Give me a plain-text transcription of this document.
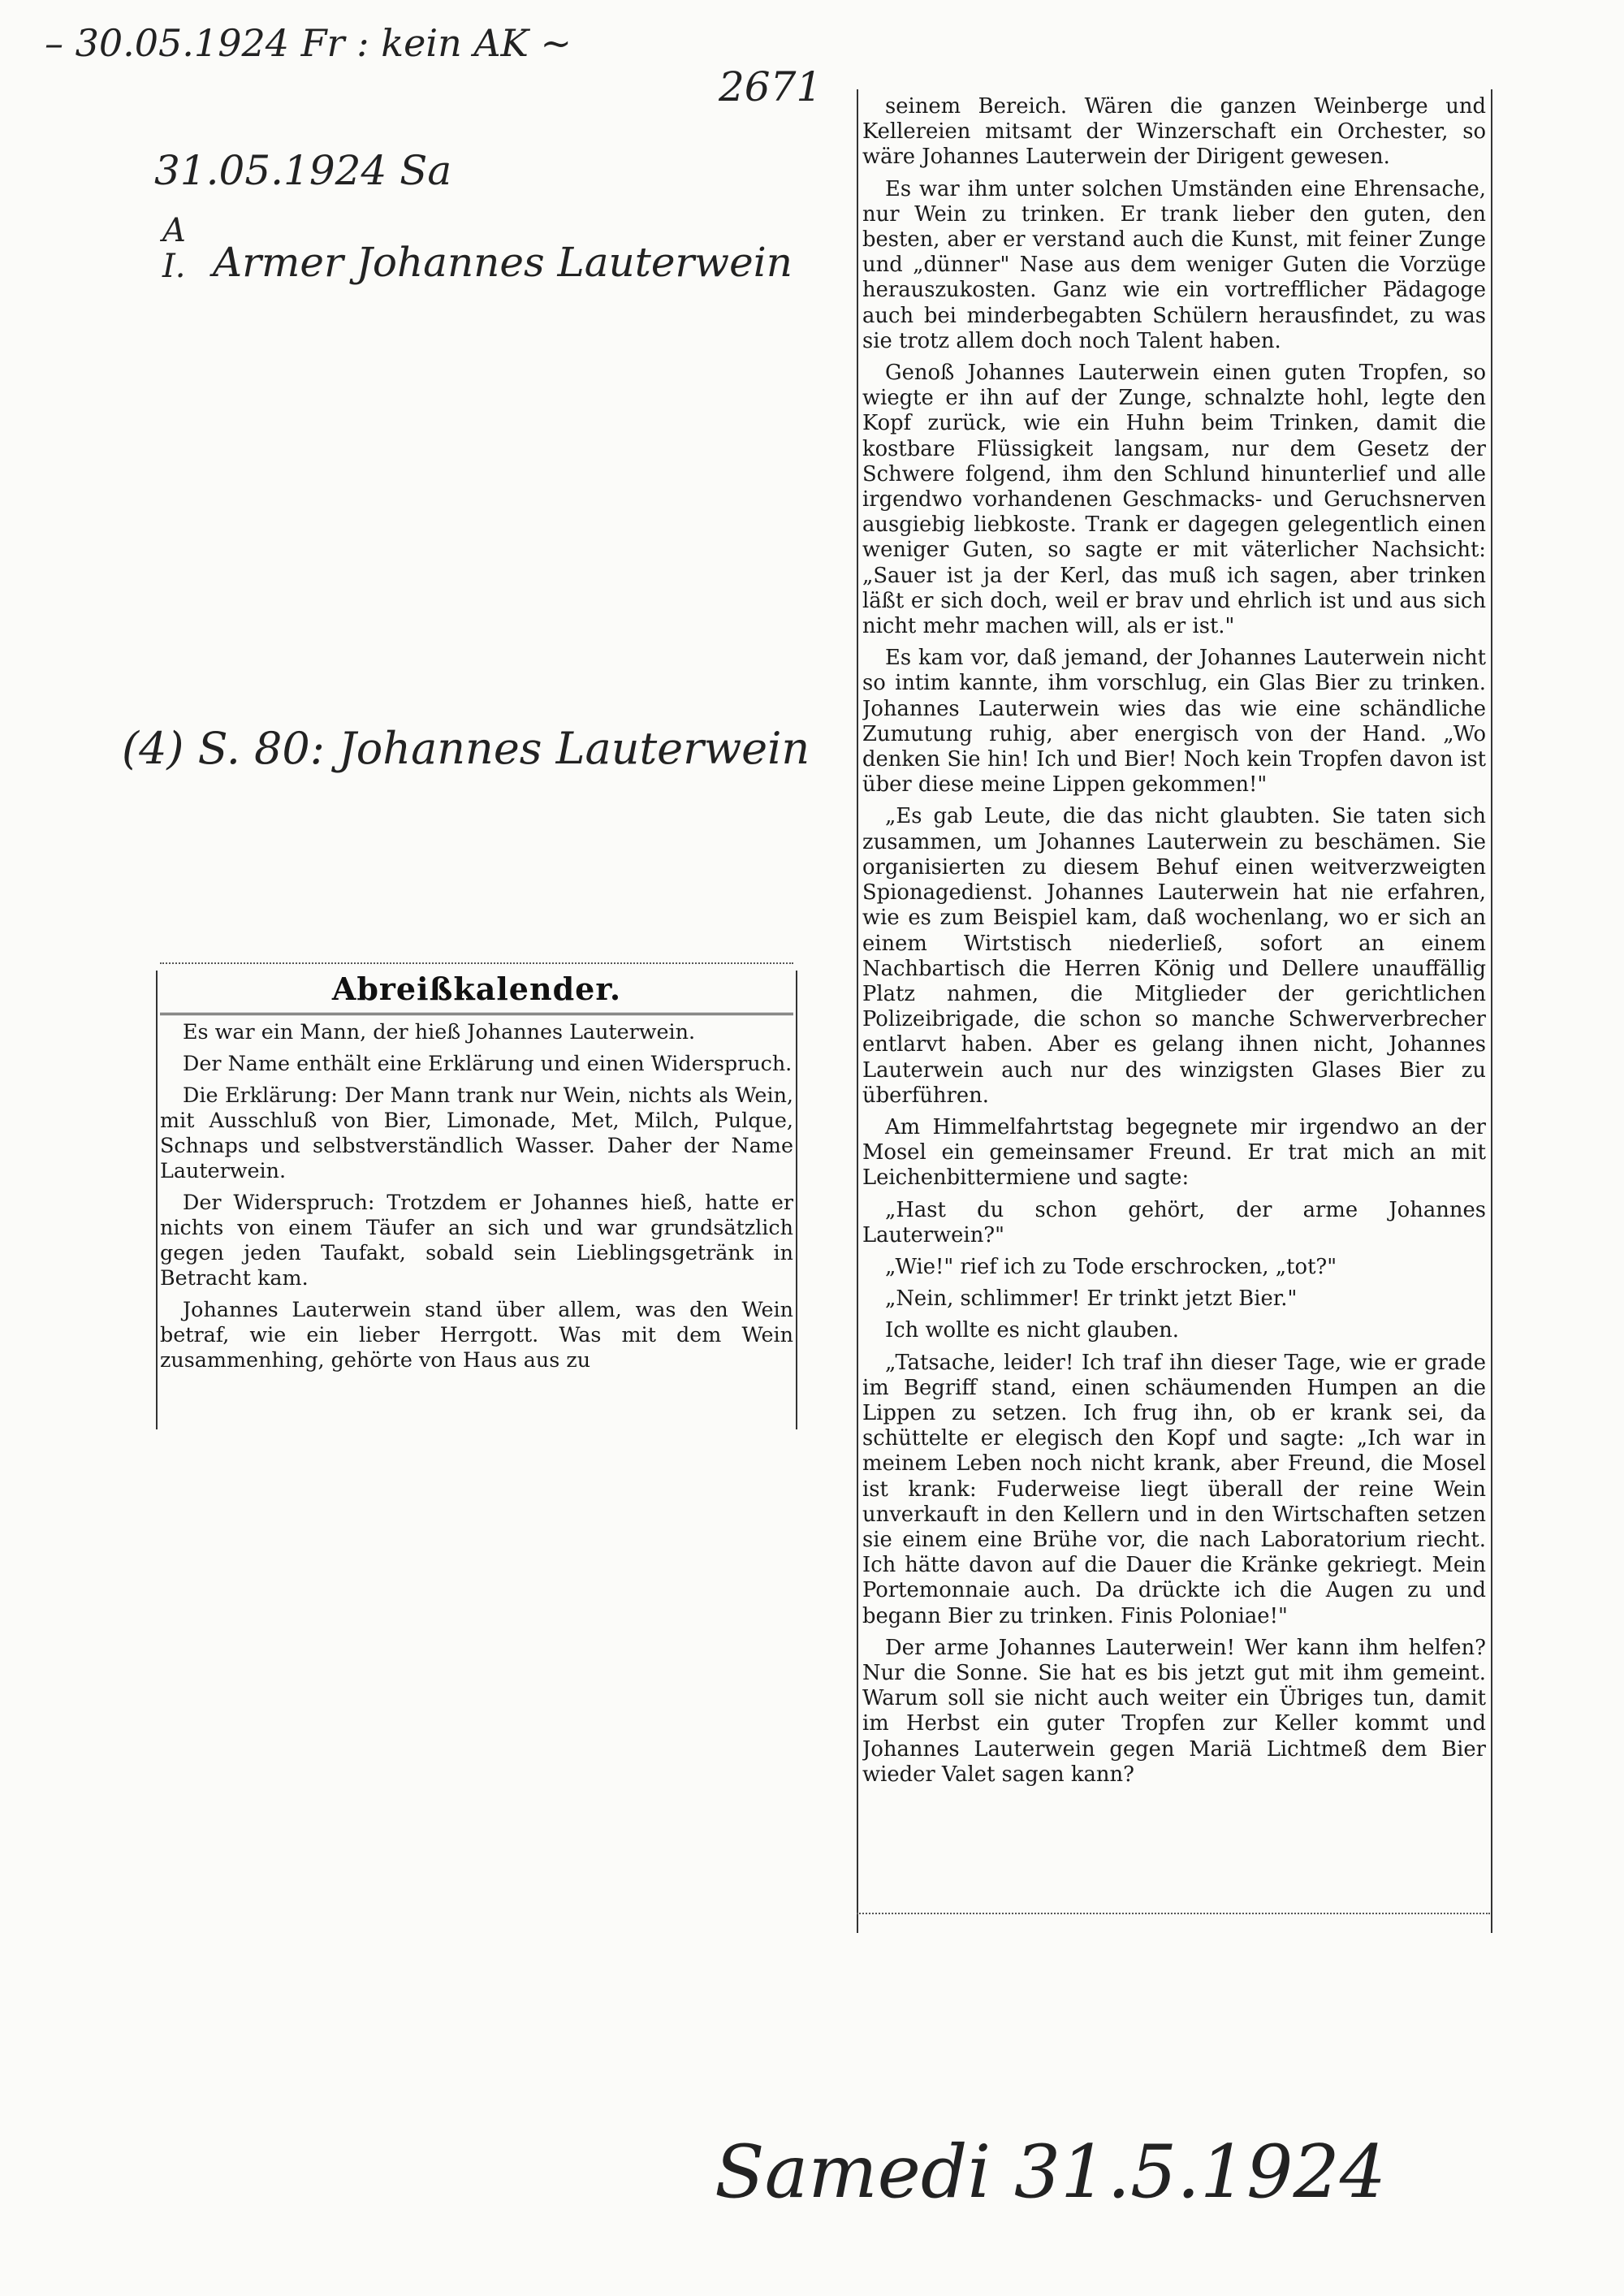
– 30.05.1924 Fr : kein AK ~
2671
31.05.1924 Sa
A
I. Armer Johannes Lauterwein
(4) S. 80: Johannes Lauterwein
Samedi 31.5.1924
Abreißkalender.

Es war ein Mann, der hieß Johannes Lauterwein.

Der Name enthält eine Erklärung und einen Widerspruch.

Die Erklärung: Der Mann trank nur Wein, nichts als Wein, mit Ausschluß von Bier, Limonade, Met, Milch, Pulque, Schnaps und selbstverständlich Wasser. Daher der Name Lauterwein.

Der Widerspruch: Trotzdem er Johannes hieß, hatte er nichts von einem Täufer an sich und war grundsätzlich gegen jeden Taufakt, sobald sein Lieblingsgetränk in Betracht kam.

Johannes Lauterwein stand über allem, was den Wein betraf, wie ein lieber Herrgott. Was mit dem Wein zusammenhing, gehörte von Haus aus zu

seinem Bereich. Wären die ganzen Weinberge und Kellereien mitsamt der Winzerschaft ein Orchester, so wäre Johannes Lauterwein der Dirigent gewesen.

Es war ihm unter solchen Umständen eine Ehrensache, nur Wein zu trinken. Er trank lieber den guten, den besten, aber er verstand auch die Kunst, mit feiner Zunge und „dünner" Nase aus dem weniger Guten die Vorzüge herauszukosten. Ganz wie ein vortrefflicher Pädagoge auch bei minderbegabten Schülern herausfindet, zu was sie trotz allem doch noch Talent haben.

Genoß Johannes Lauterwein einen guten Tropfen, so wiegte er ihn auf der Zunge, schnalzte hohl, legte den Kopf zurück, wie ein Huhn beim Trinken, damit die kostbare Flüssigkeit langsam, nur dem Gesetz der Schwere folgend, ihm den Schlund hinunterlief und alle irgendwo vorhandenen Geschmacks- und Geruchsnerven ausgiebig liebkoste. Trank er dagegen gelegentlich einen weniger Guten, so sagte er mit väterlicher Nachsicht: „Sauer ist ja der Kerl, das muß ich sagen, aber trinken läßt er sich doch, weil er brav und ehrlich ist und aus sich nicht mehr machen will, als er ist."

Es kam vor, daß jemand, der Johannes Lauterwein nicht so intim kannte, ihm vorschlug, ein Glas Bier zu trinken. Johannes Lauterwein wies das wie eine schändliche Zumutung ruhig, aber energisch von der Hand. „Wo denken Sie hin! Ich und Bier! Noch kein Tropfen davon ist über diese meine Lippen gekommen!"

„Es gab Leute, die das nicht glaubten. Sie taten sich zusammen, um Johannes Lauterwein zu beschämen. Sie organisierten zu diesem Behuf einen weitverzweigten Spionagedienst. Johannes Lauterwein hat nie erfahren, wie es zum Beispiel kam, daß wochenlang, wo er sich an einem Wirtstisch niederließ, sofort an einem Nachbartisch die Herren König und Dellere unauffällig Platz nahmen, die Mitglieder der gerichtlichen Polizeibrigade, die schon so manche Schwerverbrecher entlarvt haben. Aber es gelang ihnen nicht, Johannes Lauterwein auch nur des winzigsten Glases Bier zu überführen.

Am Himmelfahrtstag begegnete mir irgendwo an der Mosel ein gemeinsamer Freund. Er trat mich an mit Leichenbittermiene und sagte:

„Hast du schon gehört, der arme Johannes Lauterwein?"

„Wie!" rief ich zu Tode erschrocken, „tot?"

„Nein, schlimmer! Er trinkt jetzt Bier."

Ich wollte es nicht glauben.

„Tatsache, leider! Ich traf ihn dieser Tage, wie er grade im Begriff stand, einen schäumenden Humpen an die Lippen zu setzen. Ich frug ihn, ob er krank sei, da schüttelte er elegisch den Kopf und sagte: „Ich war in meinem Leben noch nicht krank, aber Freund, die Mosel ist krank: Fuderweise liegt überall der reine Wein unverkauft in den Kellern und in den Wirtschaften setzen sie einem eine Brühe vor, die nach Laboratorium riecht. Ich hätte davon auf die Dauer die Kränke gekriegt. Mein Portemonnaie auch. Da drückte ich die Augen zu und begann Bier zu trinken. Finis Poloniae!"

Der arme Johannes Lauterwein! Wer kann ihm helfen? Nur die Sonne. Sie hat es bis jetzt gut mit ihm gemeint. Warum soll sie nicht auch weiter ein Übriges tun, damit im Herbst ein guter Tropfen zur Keller kommt und Johannes Lauterwein gegen Mariä Lichtmeß dem Bier wieder Valet sagen kann?
